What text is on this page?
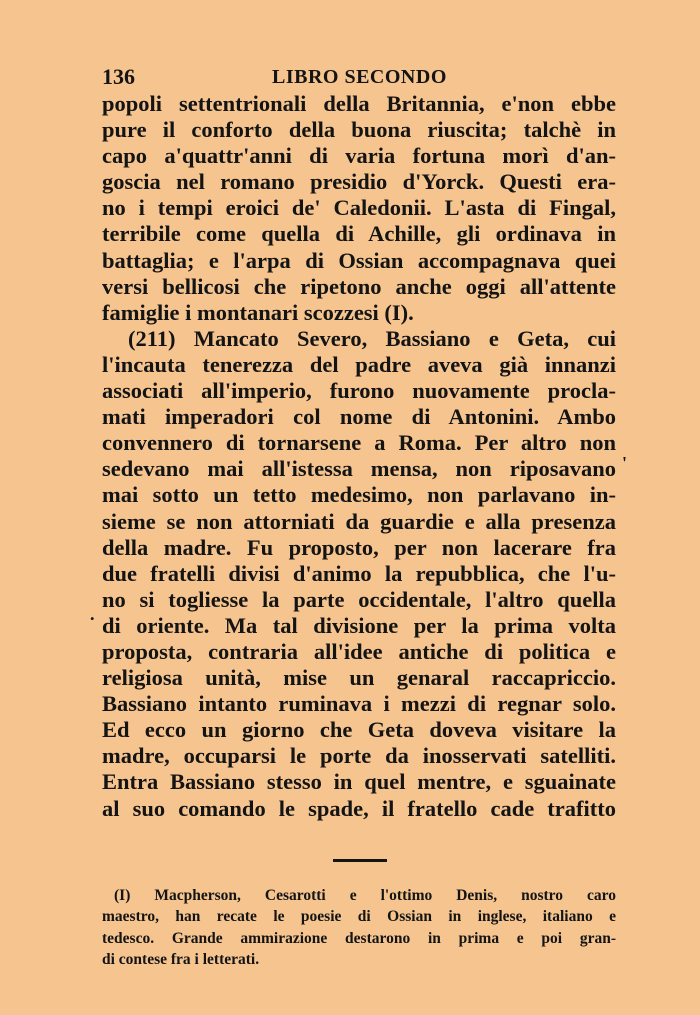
136	LIBRO SECONDO
popoli settentrionali della Britannia, e'non ebbe
pure il conforto della buona riuscita; talchè in
capo a'quattr'anni di varia fortuna morì d'an-
goscia nel romano presidio d'Yorck. Questi era-
no i tempi eroici de' Caledonii. L'asta di Fingal,
terribile come quella di Achille, gli ordinava in
battaglia; e l'arpa di Ossian accompagnava quei
versi bellicosi che ripetono anche oggi all'attente
famiglie i montanari scozzesi (I).
(211) Mancato Severo, Bassiano e Geta, cui
l'incauta tenerezza del padre aveva già innanzi
associati all'imperio, furono nuovamente procla-
mati imperadori col nome di Antonini. Ambo
convennero di tornarsene a Roma. Per altro non
sedevano mai all'istessa mensa, non riposavano
mai sotto un tetto medesimo, non parlavano in-
sieme se non attorniati da guardie e alla presenza
della madre. Fu proposto, per non lacerare fra
due fratelli divisi d'animo la repubblica, che l'u-
no si togliesse la parte occidentale, l'altro quella
di oriente. Ma tal divisione per la prima volta
proposta, contraria all'idee antiche di politica e
religiosa unità, mise un genaral raccapriccio.
Bassiano intanto ruminava i mezzi di regnar solo.
Ed ecco un giorno che Geta doveva visitare la
madre, occuparsi le porte da inosservati satelliti.
Entra Bassiano stesso in quel mentre, e sguainate
al suo comando le spade, il fratello cade trafitto
'
.
(I) Macpherson, Cesarotti e l'ottimo Denis, nostro caro
maestro, han recate le poesie di Ossian in inglese, italiano e
tedesco. Grande ammirazione destarono in prima e poi gran-
di contese fra i letterati.
